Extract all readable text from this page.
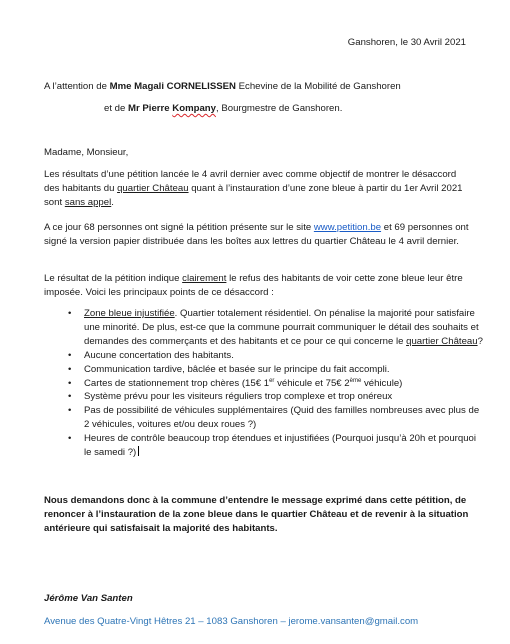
Ganshoren, le 30 Avril 2021
A l’attention de Mme Magali CORNELISSEN Echevine de la Mobilité de Ganshoren
et de Mr Pierre Kompany, Bourgmestre de Ganshoren.
Madame, Monsieur,

Les résultats d’une pétition lancée le 4 avril dernier avec comme objectif de montrer le désaccord des habitants du quartier Château quant à l’instauration d’une zone bleue à partir du 1er Avril 2021 sont sans appel.

A ce jour 68 personnes ont signé la pétition présente sur le site www.petition.be et 69 personnes ont signé la version papier distribuée dans les boîtes aux lettres du quartier Château le 4 avril dernier.

Le résultat de la pétition indique clairement le refus des habitants de voir cette zone bleue leur être imposée. Voici les principaux points de ce désaccord :

• Zone bleue injustifiée. Quartier totalement résidentiel. On pénalise la majorité pour satisfaire une minorité. De plus, est-ce que la commune pourrait communiquer le détail des souhaits et demandes des commerçants et des habitants et ce pour ce qui concerne le quartier Château?
• Aucune concertation des habitants.
• Communication tardive, bâclée et basée sur le principe du fait accompli.
• Cartes de stationnement trop chères (15€ 1er véhicule et 75€ 2ème véhicule)
• Système prévu pour les visiteurs réguliers trop complexe et trop onéreux
• Pas de possibilité de véhicules supplémentaires (Quid des familles nombreuses avec plus de 2 véhicules, voitures et/ou deux roues ?)
• Heures de contrôle beaucoup trop étendues et injustifiées (Pourquoi jusqu’à 20h et pourquoi le samedi ?)

Nous demandons donc à la commune d’entendre le message exprimé dans cette pétition, de renoncer à l’instauration de la zone bleue dans le quartier Château et de revenir à la situation antérieure qui satisfaisait la majorité des habitants.

Jérôme Van Santen
Avenue des Quatre-Vingt Hêtres 21 – 1083 Ganshoren – jerome.vansanten@gmail.com
